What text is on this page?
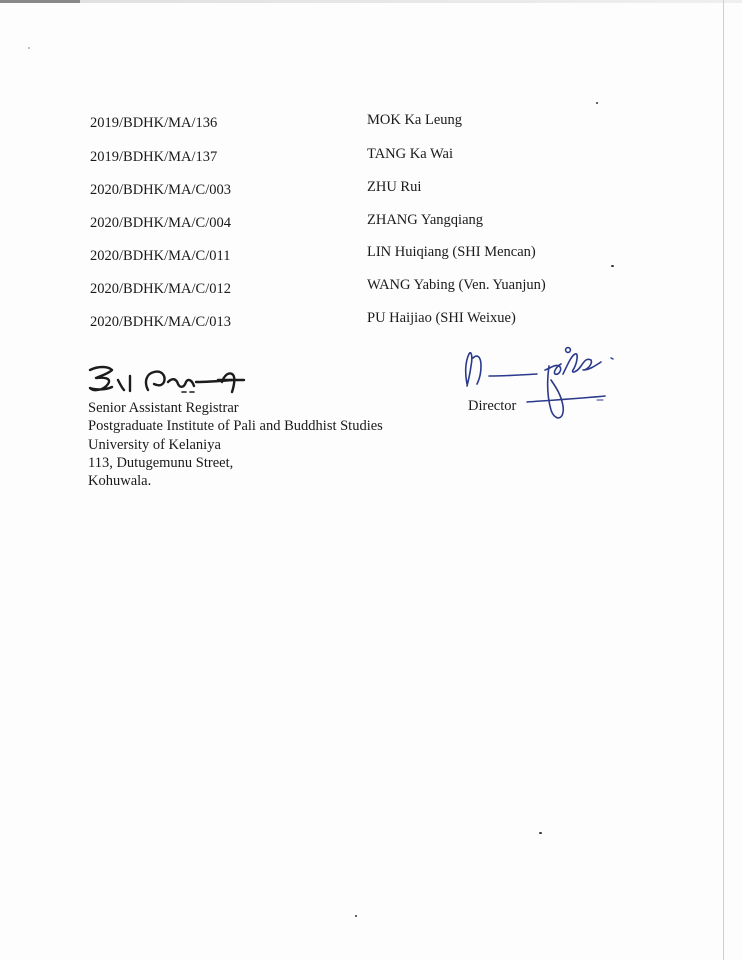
2019/BDHK/MA/136	MOK Ka Leung
2019/BDHK/MA/137	TANG Ka Wai
2020/BDHK/MA/C/003	ZHU Rui
2020/BDHK/MA/C/004	ZHANG Yangqiang
2020/BDHK/MA/C/011	LIN Huiqiang (SHI Mencan)
2020/BDHK/MA/C/012	WANG Yabing (Ven. Yuanjun)
2020/BDHK/MA/C/013	PU Haijiao (SHI Weixue)
Senior Assistant Registrar
Postgraduate Institute of Pali and Buddhist Studies
University of Kelaniya
113, Dutugemunu Street,
Kohuwala.
Director
